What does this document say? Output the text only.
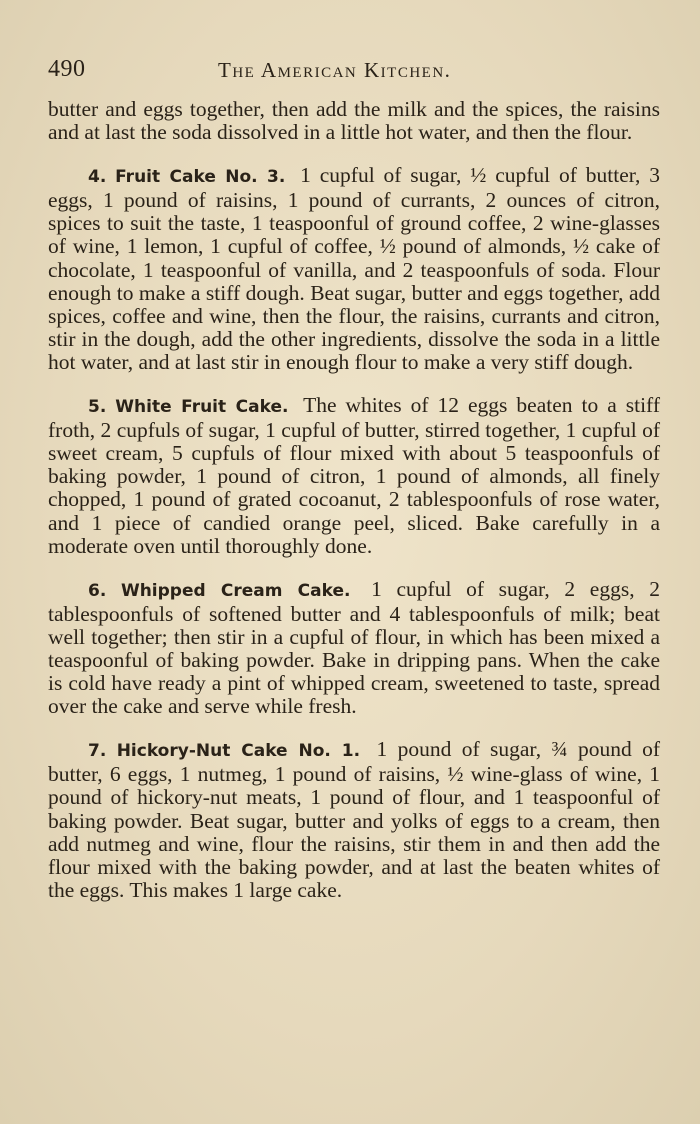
490	The American Kitchen.

butter and eggs together, then add the milk and the spices, the raisins and at last the soda dissolved in a little hot water, and then the flour.

4. Fruit Cake No. 3. 1 cupful of sugar, ½ cupful of butter, 3 eggs, 1 pound of raisins, 1 pound of currants, 2 ounces of citron, spices to suit the taste, 1 teaspoonful of ground coffee, 2 wine-glasses of wine, 1 lemon, 1 cupful of coffee, ½ pound of almonds, ½ cake of chocolate, 1 teaspoonful of vanilla, and 2 teaspoonfuls of soda. Flour enough to make a stiff dough. Beat sugar, butter and eggs together, add spices, coffee and wine, then the flour, the raisins, currants and citron, stir in the dough, add the other ingredients, dissolve the soda in a little hot water, and at last stir in enough flour to make a very stiff dough.

5. White Fruit Cake. The whites of 12 eggs beaten to a stiff froth, 2 cupfuls of sugar, 1 cupful of butter, stirred together, 1 cupful of sweet cream, 5 cupfuls of flour mixed with about 5 teaspoonfuls of baking powder, 1 pound of citron, 1 pound of almonds, all finely chopped, 1 pound of grated cocoanut, 2 tablespoonfuls of rose water, and 1 piece of candied orange peel, sliced. Bake carefully in a moderate oven until thoroughly done.

6. Whipped Cream Cake. 1 cupful of sugar, 2 eggs, 2 tablespoonfuls of softened butter and 4 tablespoonfuls of milk; beat well together; then stir in a cupful of flour, in which has been mixed a teaspoonful of baking powder. Bake in dripping pans. When the cake is cold have ready a pint of whipped cream, sweetened to taste, spread over the cake and serve while fresh.

7. Hickory-Nut Cake No. 1. 1 pound of sugar, ¾ pound of butter, 6 eggs, 1 nutmeg, 1 pound of raisins, ½ wine-glass of wine, 1 pound of hickory-nut meats, 1 pound of flour, and 1 teaspoonful of baking powder. Beat sugar, butter and yolks of eggs to a cream, then add nutmeg and wine, flour the raisins, stir them in and then add the flour mixed with the baking powder, and at last the beaten whites of the eggs. This makes 1 large cake.
